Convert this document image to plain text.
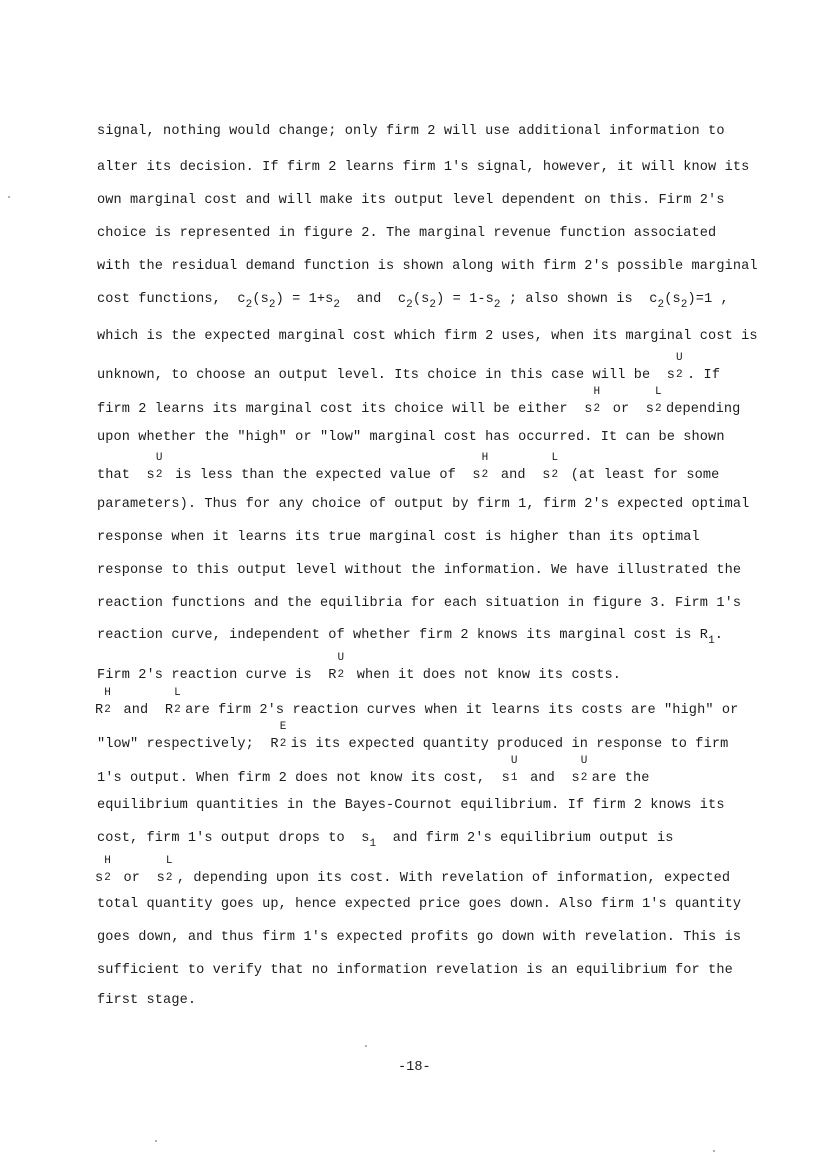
signal, nothing would change; only firm 2 will use additional information to
alter its decision. If firm 2 learns firm 1's signal, however, it will know its
own marginal cost and will make its output level dependent on this. Firm 2's
choice is represented in figure 2. The marginal revenue function associated
with the residual demand function is shown along with firm 2's possible marginal
cost functions, $c_2(s_2) = 1+s_2$ and $c_2(s_2) = 1-s_2$ ; also shown is $c_2(s_2)=1$ ,
which is the expected marginal cost which firm 2 uses, when its marginal cost is
unknown, to choose an output level. Its choice in this case will be s
U
2 . If
firm 2 learns its marginal cost its choice will be either s
H
2 or s
L
2 depending
upon whether the "high" or "low" marginal cost has occurred. It can be shown
that s
U
2 is less than the expected value of s
H
2 and s
L
2 (at least for some
parameters). Thus for any choice of output by firm 1, firm 2's expected optimal
response when it learns its true marginal cost is higher than its optimal
response to this output level without the information. We have illustrated the
reaction functions and the equilibria for each situation in figure 3. Firm 1's
reaction curve, independent of whether firm 2 knows its marginal cost is $R_1$.
Firm 2's reaction curve is R
U
2 when it does not know its costs.
R
H
2 and R
L
2 are firm 2's reaction curves when it learns its costs are "high" or
"low" respectively; R
E
2 is its expected quantity produced in response to firm
1's output. When firm 2 does not know its cost, s
U
1 and s
U
2 are the
equilibrium quantities in the Bayes-Cournot equilibrium. If firm 2 knows its
cost, firm 1's output drops to $s_1$ and firm 2's equilibrium output is
s
H
2 or s
L
2 , depending upon its cost. With revelation of information, expected
total quantity goes up, hence expected price goes down. Also firm 1's quantity
goes down, and thus firm 1's expected profits go down with revelation. This is
sufficient to verify that no information revelation is an equilibrium for the
first stage.
-18-
